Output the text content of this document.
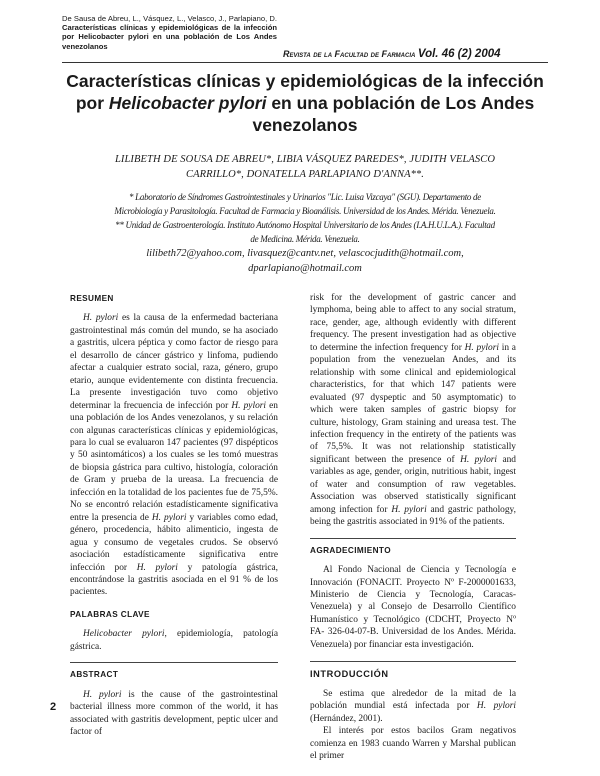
De Sausa de Abreu, L., Vásquez, L., Velasco, J., Parlapiano, D. Características clínicas y epidemiológicas de la infección por Helicobacter pylori en una población de Los Andes venezolanos
Revista de la Facultad de Farmacia Vol. 46 (2) 2004
Características clínicas y epidemiológicas de la infección por Helicobacter pylori en una población de Los Andes venezolanos
LILIBETH DE SOUSA DE ABREU*, LIBIA VÁSQUEZ PAREDES*, JUDITH VELASCO
CARRILLO*, DONATELLA PARLAPIANO D'ANNA**.
* Laboratorio de Síndromes Gastrointestinales y Urinarios "Lic. Luisa Vizcaya" (SGU). Departamento de
Microbiología y Parasitología. Facultad de Farmacia y Bioanálisis. Universidad de los Andes. Mérida. Venezuela.
** Unidad de Gastroenterología. Instituto Autónomo Hospital Universitario de los Andes (I.A.H.U.L.A.). Facultad
de Medicina. Mérida. Venezuela.
lilibeth72@yahoo.com, livasquez@cantv.net, velascocjudith@hotmail.com,
dparlapiano@hotmail.com
RESUMEN

H. pylori es la causa de la enfermedad bacteriana gastrointestinal más común del mundo, se ha asociado a gastritis, ulcera péptica y como factor de riesgo para el desarrollo de cáncer gástrico y linfoma, pudiendo afectar a cualquier estrato social, raza, género, grupo etario, aunque evidentemente con distinta frecuencia. La presente investigación tuvo como objetivo determinar la frecuencia de infección por H. pylori en una población de los Andes venezolanos, y su relación con algunas características clínicas y epidemiológicas, para lo cual se evaluaron 147 pacientes (97 dispépticos y 50 asintomáticos) a los cuales se les tomó muestras de biopsia gástrica para cultivo, histología, coloración de Gram y prueba de la ureasa. La frecuencia de infección en la totalidad de los pacientes fue de 75,5%. No se encontró relación estadísticamente significativa entre la presencia de H. pylori y variables como edad, género, procedencia, hábito alimenticio, ingesta de agua y consumo de vegetales crudos. Se observó asociación estadísticamente significativa entre infección por H. pylori y patología gástrica, encontrándose la gastritis asociada en el 91 % de los pacientes.

PALABRAS CLAVE

Helicobacter pylori, epidemiología, patología gástrica.

ABSTRACT

H. pylori is the cause of the gastrointestinal bacterial illness more common of the world, it has associated with gastritis development, peptic ulcer and factor of

risk for the development of gastric cancer and lymphoma, being able to affect to any social stratum, race, gender, age, although evidently with different frequency. The present investigation had as objective to determine the infection frequency for H. pylori in a population from the venezuelan Andes, and its relationship with some clinical and epidemiological characteristics, for that which 147 patients were evaluated (97 dyspeptic and 50 asymptomatic) to which were taken samples of gastric biopsy for culture, histology, Gram staining and ureasa test. The infection frequency in the entirety of the patients was of 75,5%. It was not relationship statistically significant between the presence of H. pylori and variables as age, gender, origin, nutritious habit, ingest of water and consumption of raw vegetables. Association was observed statistically significant among infection for H. pylori and gastric pathology, being the gastritis associated in 91% of the patients.

AGRADECIMIENTO

Al Fondo Nacional de Ciencia y Tecnología e Innovación (FONACIT. Proyecto Nº F-2000001633, Ministerio de Ciencia y Tecnología, Caracas-Venezuela) y al Consejo de Desarrollo Científico Humanístico y Tecnológico (CDCHT, Proyecto Nº FA- 326-04-07-B. Universidad de los Andes. Mérida. Venezuela) por financiar esta investigación.

INTRODUCCIÓN

Se estima que alrededor de la mitad de la población mundial está infectada por H. pylori (Hernández, 2001).

El interés por estos bacilos Gram negativos comienza en 1983 cuando Warren y Marshal publican el primer

2
